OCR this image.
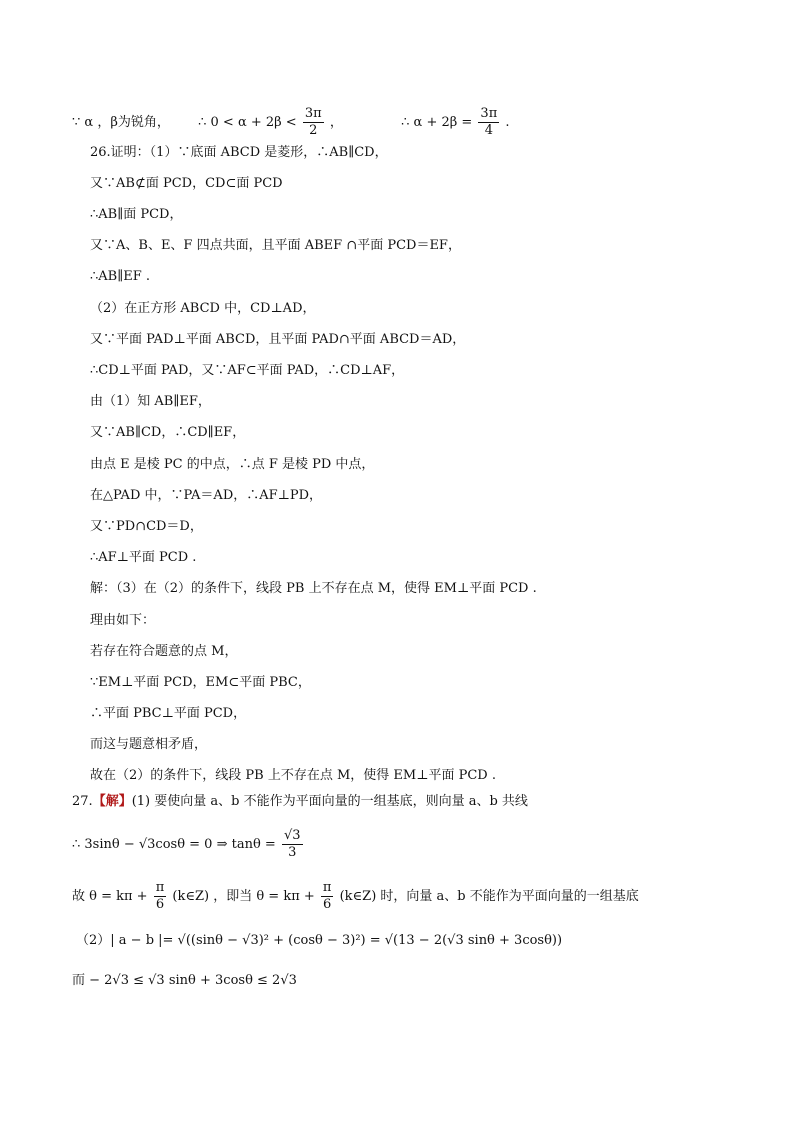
∵ α ，β为锐角， ∴ $0 < \alpha + 2\beta < \frac{3\pi}{2}$ ，	∴ $\alpha + 2\beta = \frac{3\pi}{4}$ .
26.证明：（1）∵底面 ABCD 是菱形，∴AB∥CD，
又∵AB⊄面 PCD，CD⊂面 PCD
∴AB∥面 PCD，
又∵A、B、E、F 四点共面，且平面 ABEF ∩平面 PCD＝EF，
∴AB∥EF .
（2）在正方形 ABCD 中，CD⊥AD，
又∵平面 PAD⊥平面 ABCD，且平面 PAD∩平面 ABCD＝AD，
∴CD⊥平面 PAD，又∵AF⊂平面 PAD，∴CD⊥AF，
由（1）知 AB∥EF，
又∵AB∥CD，∴CD∥EF，
由点 E 是棱 PC 的中点，∴点 F 是棱 PD 中点，
在△PAD 中，∵PA＝AD，∴AF⊥PD，
又∵PD∩CD＝D，
∴AF⊥平面 PCD .
解：（3）在（2）的条件下，线段 PB 上不存在点 M，使得 EM⊥平面 PCD .
理由如下：
若存在符合题意的点 M，
∵EM⊥平面 PCD，EM⊂平面 PBC，
∴平面 PBC⊥平面 PCD，
而这与题意相矛盾，
故在（2）的条件下，线段 PB 上不存在点 M，使得 EM⊥平面 PCD .
27.【解】(1) 要使向量 a、b 不能作为平面向量的一组基底，则向量 a、b 共线
∴ 3sinθ − √3cosθ = 0 ⇒ $\tan\theta = \frac{√3}{3}$
故 $\theta = k\pi + \frac{\pi}{6}$ (k∈Z) ，即当 $\theta = k\pi + \frac{\pi}{6}$ (k∈Z) 时，向量 a、b 不能作为平面向量的一组基底
（2）| a − b |= √((sinθ − √3)² + (cosθ − 3)²) = √(13 − 2(√3 sinθ + 3cosθ))
而 − 2√3 ≤ √3 sinθ + 3cosθ ≤ 2√3
